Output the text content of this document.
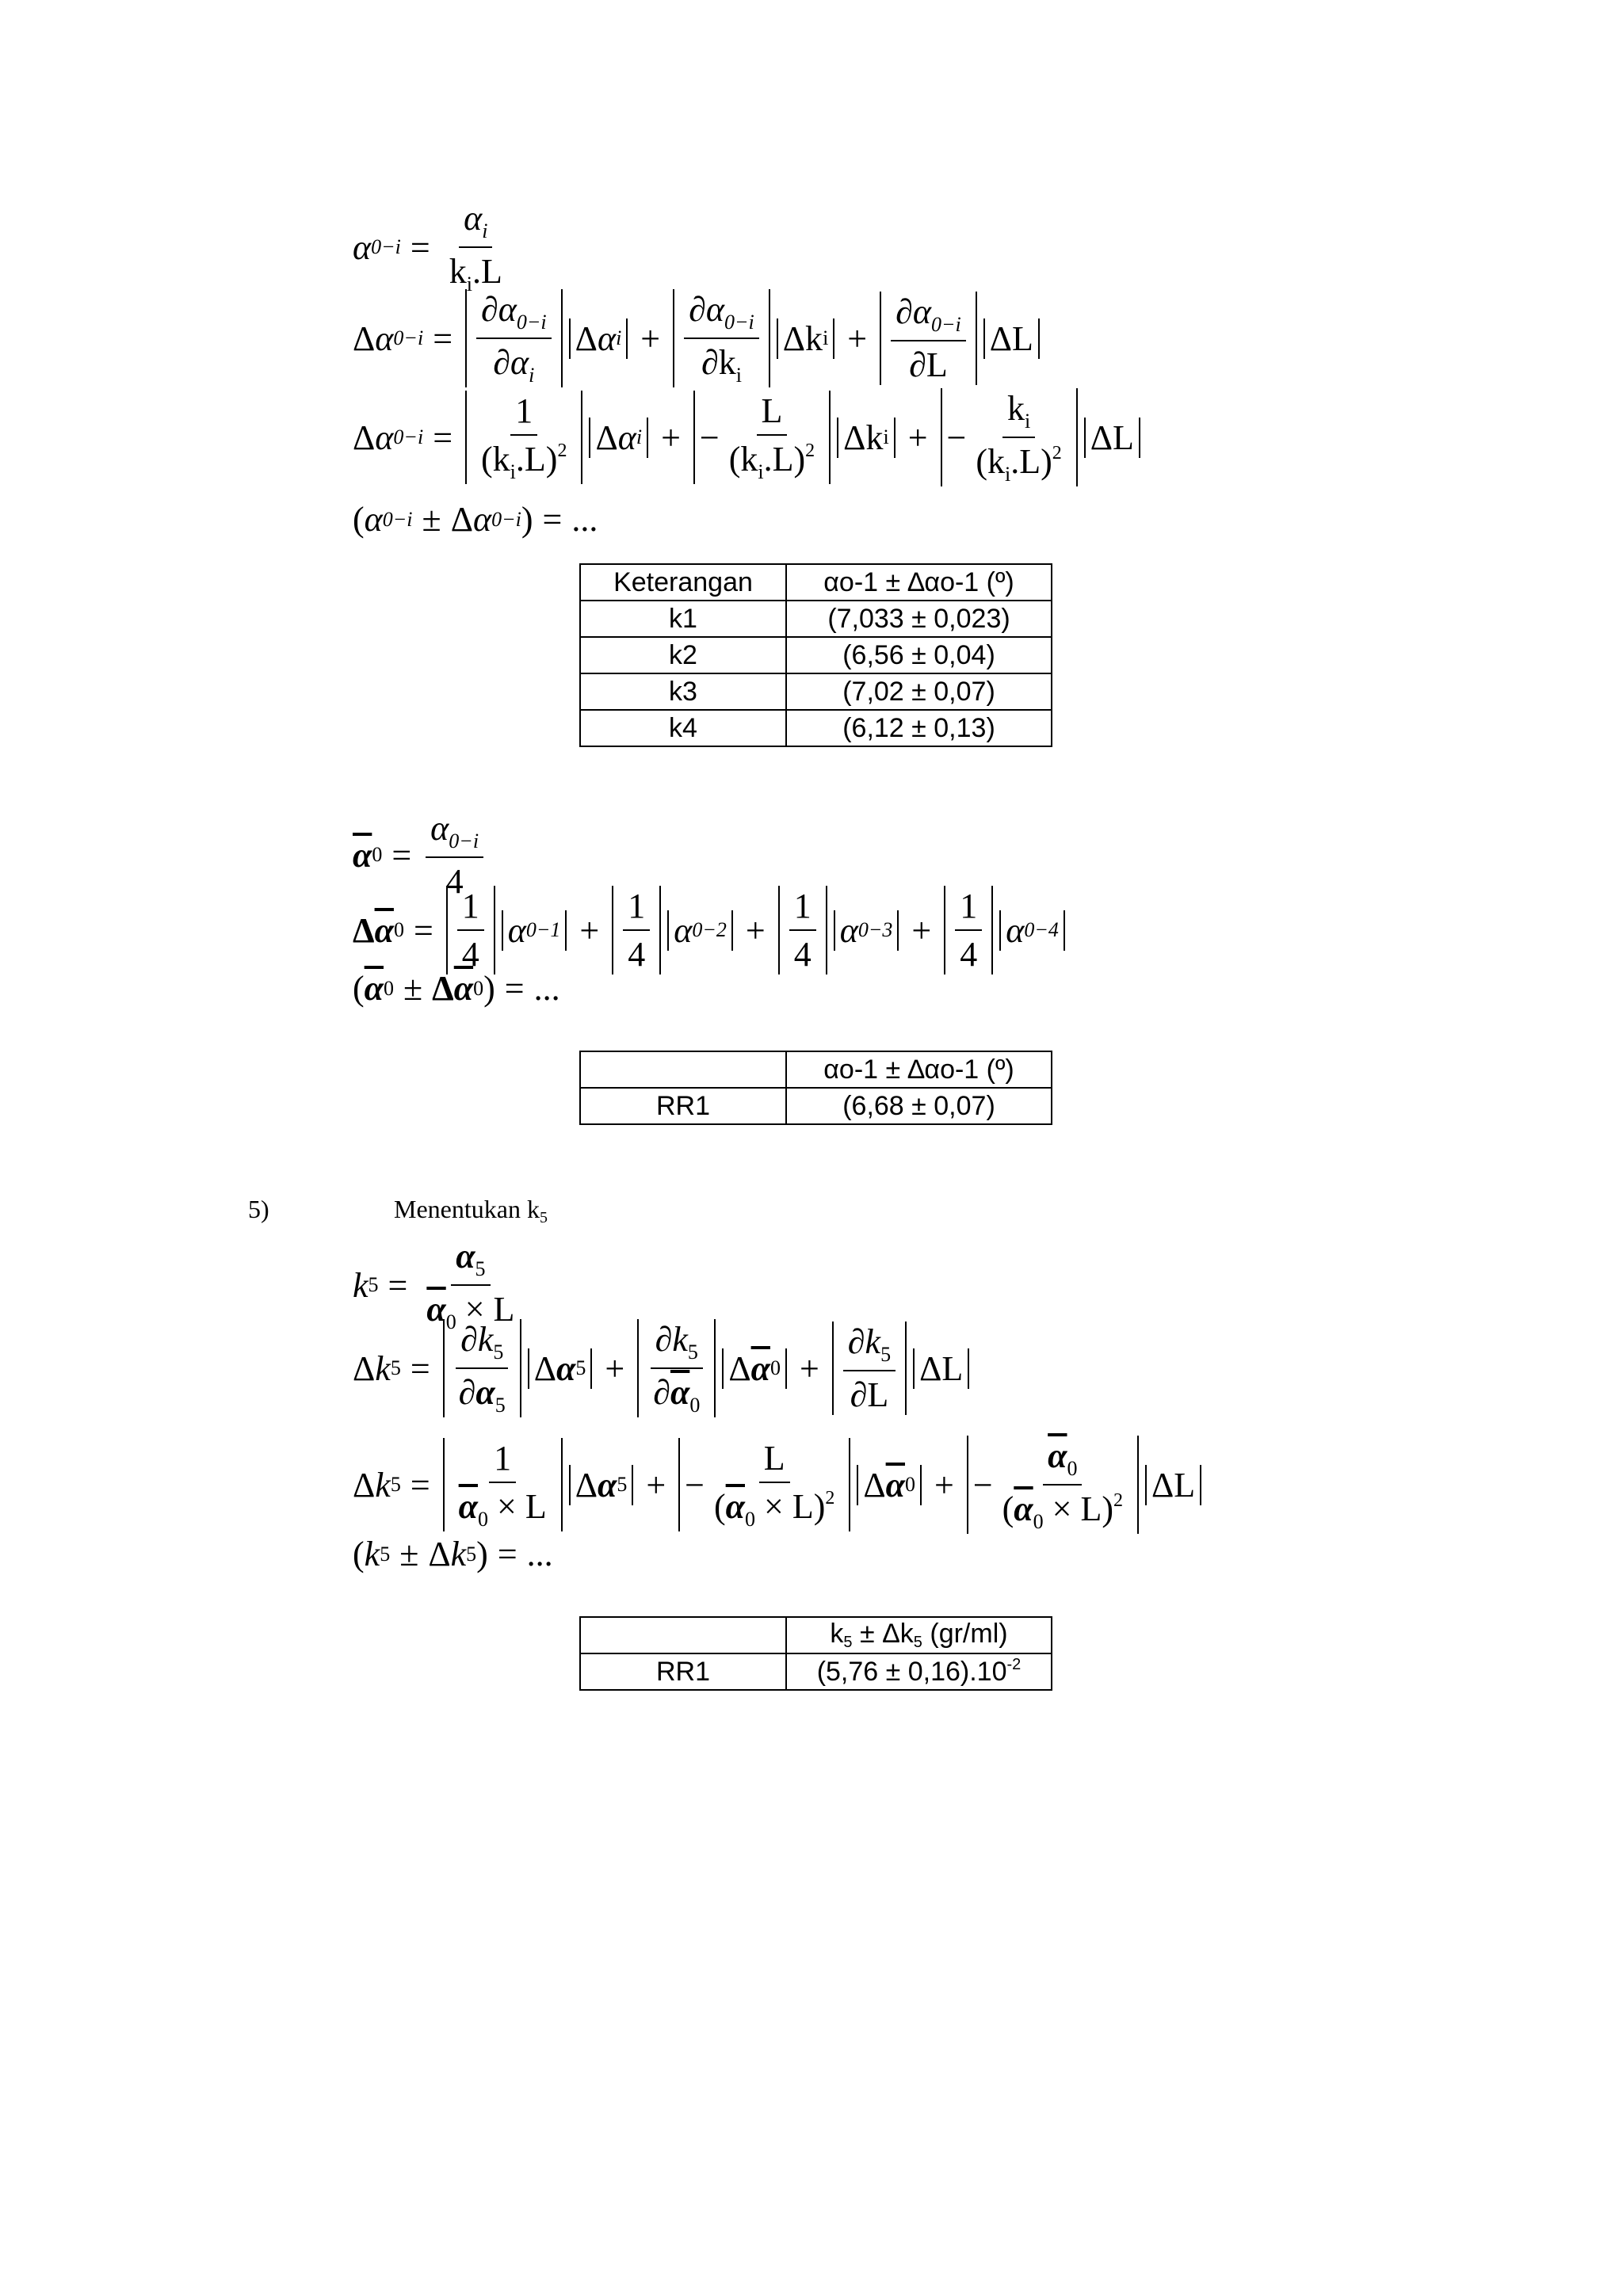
α $0-i = \frac{\alpha_i}{k_i.L}$
Δ α $0-i = \frac{\partial\alpha_{0-i}}{\partial\alpha_i}$ Δ α $i + \frac{\partial\alpha_{0-i}}{\partial k_i}$ Δk $i + \frac{\partial\alpha_{0-i}}{\partial L}$ ΔL
Δ α $0-i = \frac{1}{(k_i.L)^2}$ Δ α i + − $\frac{L}{(k_i.L)^2}$ Δk i + − $\frac{k_i}{(k_i.L)^2}$ ΔL
( α 0−i ± Δ α 0−i ) = ...
Keterangan	αo-1 ± ∆αo-1 (º)
k1	(7,033 ± 0,023)
k2	(6,56 ± 0,04)
k3	(7,02 ± 0,07)
k4	(6,12 ± 0,13)
$\overline{\alpha}$ $0 = \frac{\alpha_{0-i}}{4}$
Δ $\overline{\alpha}$ $0 = \frac{1}{4}$ α $0-1 + \frac{1}{4}$ α $0-2 + \frac{1}{4}$ α $0-3 + \frac{1}{4}$ α 0−4
( $\overline{\alpha}$ 0 ± Δ $\overline{\alpha}$ 0 ) = ...
	αo-1 ± ∆αo-1 (º)
RR1	(6,68 ± 0,07)
5)	Menentukan k5
k $5 = \frac{\alpha_5}{\overline{\alpha}_0 \times L}$
Δ k $5 = \frac{\partial k_5}{\partial\alpha_5}$ Δ α $5 + \frac{\partial k_5}{\partial\overline{\alpha}_0}$ Δ $\overline{\alpha}$ $0 + \frac{\partial k_5}{\partial L}$ ΔL
Δ k $5 = \frac{1}{\overline{\alpha}_0 \times L}$ Δ α 5 + − $\frac{L}{(\overline{\alpha}_0 \times L)^2}$ Δ $\overline{\alpha}$ 0 + − $\frac{\overline{\alpha}_0}{(\overline{\alpha}_0 \times L)^2}$ ΔL
( k 5 ± Δ k 5 ) = ...
	k5 ± Δk5 (gr/ml)
RR1	$(5,76 \pm 0,16).10^{-2}$
